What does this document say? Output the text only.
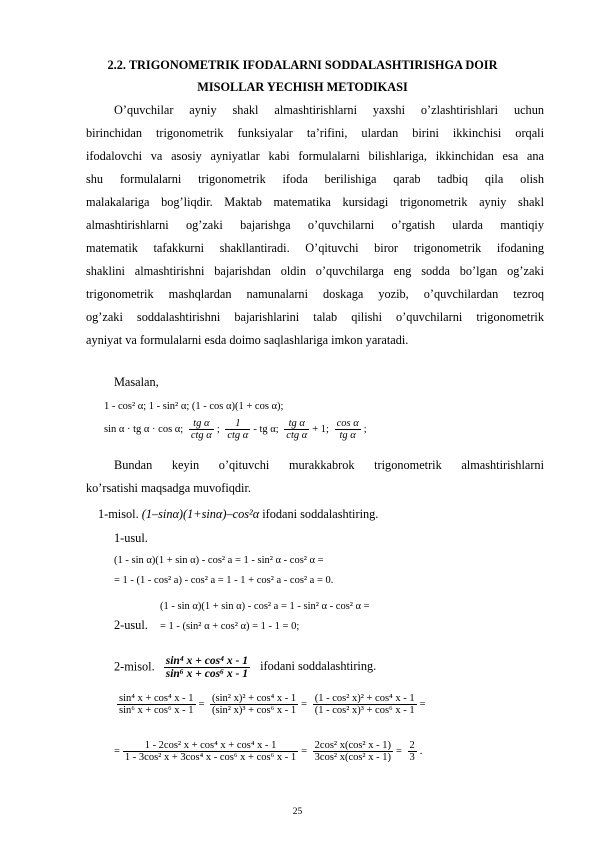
2.2. TRIGONOMETRIK IFODALARNI SODDALASHTIRISHGA DOIR
MISOLLAR YECHISH METODIKASI
O’quvchilar ayniy shakl almashtirishlarni yaxshi o’zlashtirishlari uchun
birinchidan trigonometrik funksiyalar ta’rifini, ulardan birini ikkinchisi orqali
ifodalovchi va asosiy ayniyatlar kabi formulalarni bilishlariga, ikkinchidan esa ana
shu formulalarni trigonometrik ifoda berilishiga qarab tadbiq qila olish
malakalariga bog’liqdir. Maktab matematika kursidagi trigonometrik ayniy shakl
almashtirishlarni og’zaki bajarishga o’quvchilarni o’rgatish ularda mantiqiy
matematik tafakkurni shakllantiradi. O’qituvchi biror trigonometrik ifodaning
shaklini almashtirishni bajarishdan oldin o’quvchilarga eng sodda bo’lgan og’zaki
trigonometrik mashqlardan namunalarni doskaga yozib, o’quvchilardan tezroq
og’zaki soddalashtirishni bajarishlarini talab qilishi o’quvchilarni trigonometrik
ayniyat va formulalarni esda doimo saqlashlariga imkon yaratadi.
Masalan,
1 - cos² α; 1 - sin² α; (1 - cos α)(1 + cos α);
sin α · tg α · cos α; $\frac{\text{tg α}}{\text{ctg α}}$ ; $\frac{1}{\text{ctg α}}$ - tg α; $\frac{\text{tg α}}{\text{ctg α}} + 1$; $\frac{\text{cos α}}{\text{tg α}}$ ;
Bundan keyin o’qituvchi murakkabrok trigonometrik almashtirishlarni
ko’rsatishi maqsadga muvofiqdir.
1-misol. (1–sinα)(1+sinα)–cos²α ifodani soddalashtiring.
1-usul.
(1 - sin α)(1 + sin α) - cos² a = 1 - sin² α - cos² α =
= 1 - (1 - cos² a) - cos² a = 1 - 1 + cos² a - cos² a = 0.
(1 - sin α)(1 + sin α) - cos² a = 1 - sin² α - cos² α =
2-usul. = 1 - (sin² α + cos² α) = 1 - 1 = 0;
2-misol. $\frac{\text{sin⁴ x + cos⁴ x - 1}}{\text{sin⁶ x + cos⁶ x - 1}}$ ifodani soddalashtiring.
$\frac{\text{sin⁴ x + cos⁴ x - 1}}{\text{sin⁶ x + cos⁶ x - 1}} = \frac{\text{(sin² x)² + cos⁴ x - 1}}{\text{(sin² x)³ + cos⁶ x - 1}} = \frac{\text{(1 - cos² x)² + cos⁴ x - 1}}{\text{(1 - cos² x)³ + cos⁶ x - 1}}$ =
= $\frac{\text{1 - 2cos² x + cos⁴ x + cos⁴ x - 1}}{\text{1 - 3cos² x + 3cos⁴ x - cos⁶ x + cos⁶ x - 1}} = \frac{\text{2cos² x(cos² x - 1)}}{\text{3cos² x(cos² x - 1)}} = \frac{2}{3}$ .
25
